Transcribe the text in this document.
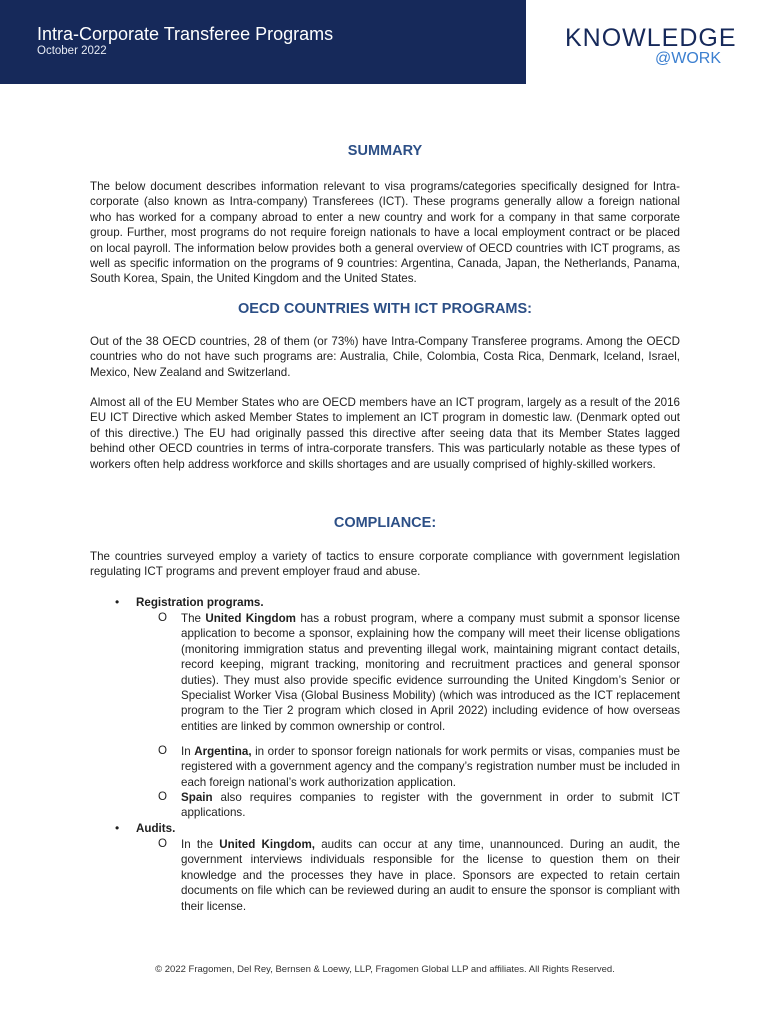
Intra-Corporate Transferee Programs
October 2022	KNOWLEDGE
@WORK
SUMMARY

The below document describes information relevant to visa programs/categories specifically designed for Intra-corporate (also known as Intra-company) Transferees (ICT). These programs generally allow a foreign national who has worked for a company abroad to enter a new country and work for a company in that same corporate group. Further, most programs do not require foreign nationals to have a local employment contract or be placed on local payroll. The information below provides both a general overview of OECD countries with ICT programs, as well as specific information on the programs of 9 countries: Argentina, Canada, Japan, the Netherlands, Panama, South Korea, Spain, the United Kingdom and the United States.

OECD COUNTRIES WITH ICT PROGRAMS:

Out of the 38 OECD countries, 28 of them (or 73%) have Intra-Company Transferee programs. Among the OECD countries who do not have such programs are: Australia, Chile, Colombia, Costa Rica, Denmark, Iceland, Israel, Mexico, New Zealand and Switzerland.

Almost all of the EU Member States who are OECD members have an ICT program, largely as a result of the 2016 EU ICT Directive which asked Member States to implement an ICT program in domestic law. (Denmark opted out of this directive.) The EU had originally passed this directive after seeing data that its Member States lagged behind other OECD countries in terms of intra-corporate transfers. This was particularly notable as these types of workers often help address workforce and skills shortages and are usually comprised of highly-skilled workers.

COMPLIANCE:

The countries surveyed employ a variety of tactics to ensure corporate compliance with government legislation regulating ICT programs and prevent employer fraud and abuse.

• Registration programs.
O The United Kingdom has a robust program, where a company must submit a sponsor license application to become a sponsor, explaining how the company will meet their license obligations (monitoring immigration status and preventing illegal work, maintaining migrant contact details, record keeping, migrant tracking, monitoring and recruitment practices and general sponsor duties). They must also provide specific evidence surrounding the United Kingdom’s Senior or Specialist Worker Visa (Global Business Mobility) (which was introduced as the ICT replacement program to the Tier 2 program which closed in April 2022) including evidence of how overseas entities are linked by common ownership or control.

O In Argentina, in order to sponsor foreign nationals for work permits or visas, companies must be registered with a government agency and the company’s registration number must be included in each foreign national’s work authorization application.

O Spain also requires companies to register with the government in order to submit ICT applications.

• Audits.
O In the United Kingdom, audits can occur at any time, unannounced. During an audit, the government interviews individuals responsible for the license to question them on their knowledge and the processes they have in place. Sponsors are expected to retain certain documents on file which can be reviewed during an audit to ensure the sponsor is compliant with their license.

© 2022 Fragomen, Del Rey, Bernsen & Loewy, LLP, Fragomen Global LLP and affiliates. All Rights Reserved.
